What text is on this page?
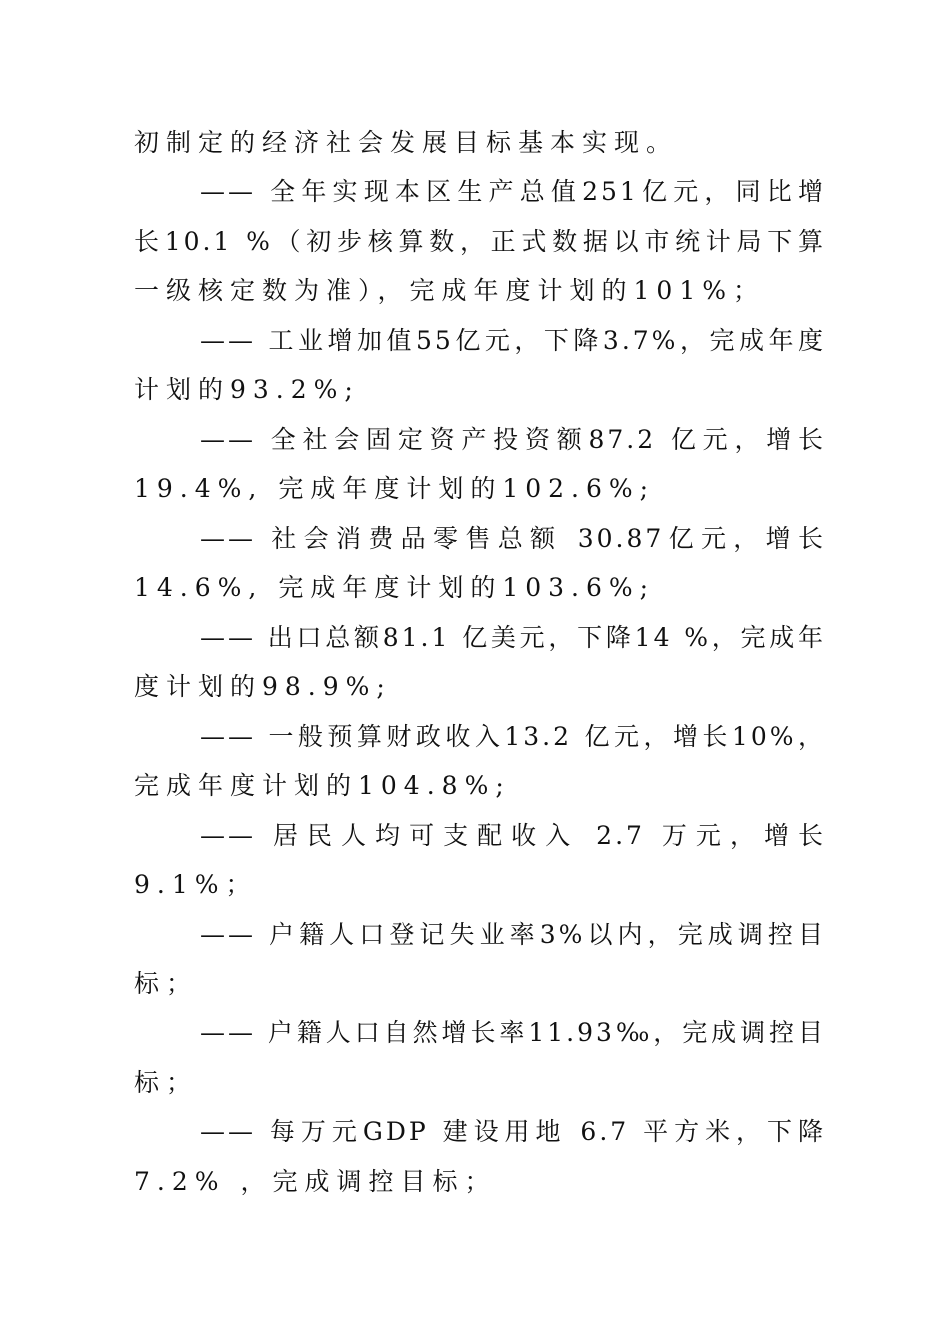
初制定的经济社会发展目标基本实现。
—— 全年实现本区生产总值251亿元，同比增
长10.1 %（初步核算数，正式数据以市统计局下算
一级核定数为准），完成年度计划的101%；
—— 工业增加值55亿元，下降3.7%，完成年度
计划的93.2%;
—— 全社会固定资产投资额87.2 亿元，增长
19.4%, 完成年度计划的102.6%;
—— 社会消费品零售总额 30.87亿元，增长
14.6%, 完成年度计划的103.6%;
—— 出口总额81.1 亿美元，下降14 %，完成年
度计划的98.9%;
—— 一般预算财政收入13.2 亿元，增长10%，
完成年度计划的104.8%;
—— 居民人均可支配收入 2.7 万元，增长
9.1%；
—— 户籍人口登记失业率3%以内，完成调控目
标；
—— 户籍人口自然增长率11.93‰，完成调控目
标；
—— 每万元GDP 建设用地 6.7 平方米，下降
7.2% ，完成调控目标；
